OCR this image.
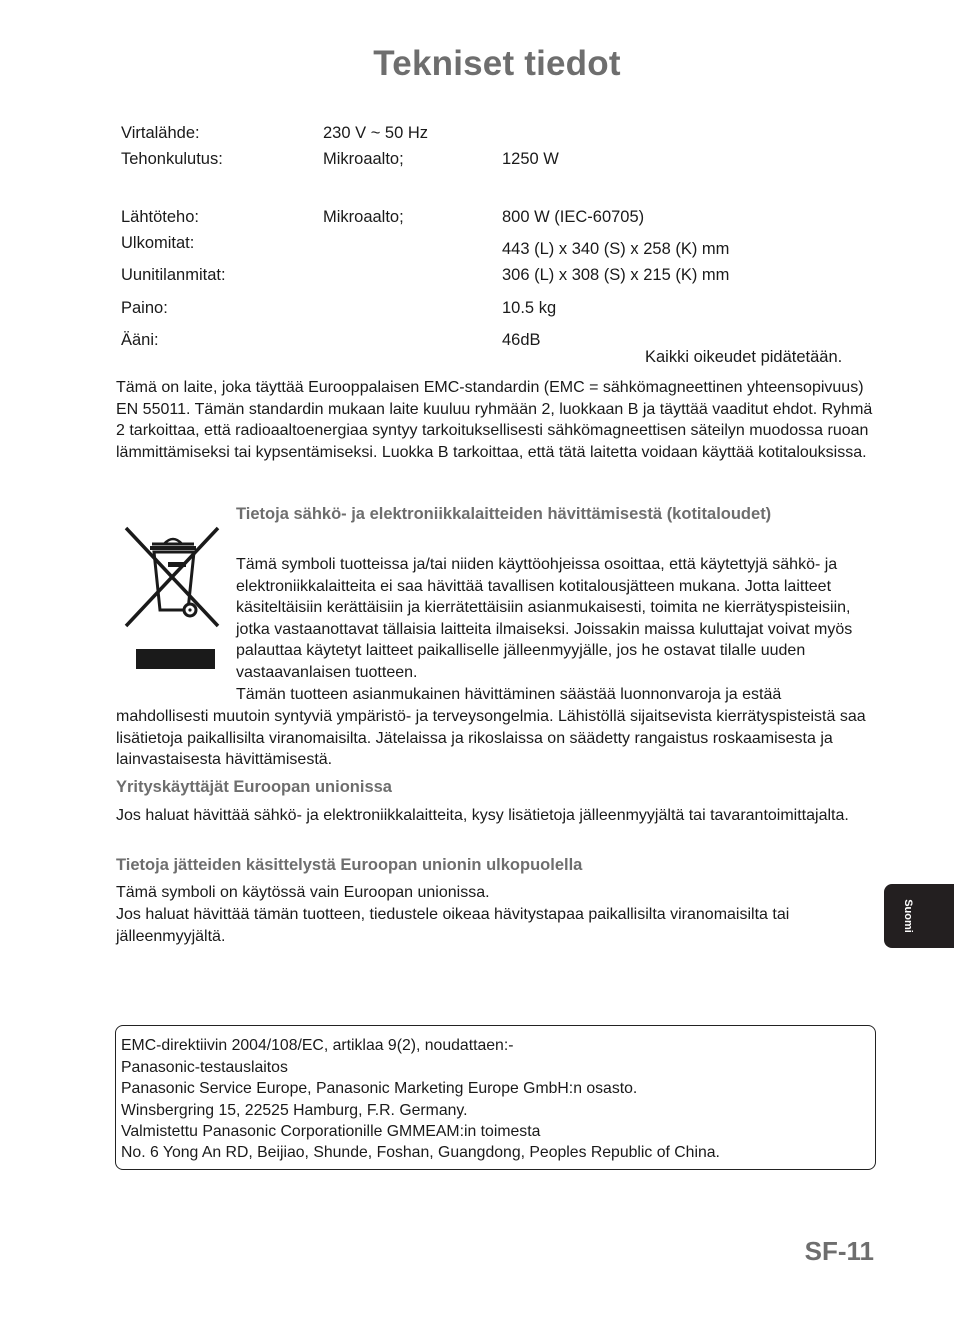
Tekniset tiedot
Virtalähde:	230 V ~ 50 Hz
Tehonkulutus:	Mikroaalto;	1250 W
Lähtöteho:	Mikroaalto;	800 W (IEC-60705)
Ulkomitat:	443 (L) x 340 (S) x 258 (K) mm
Uunitilanmitat:	306 (L) x 308 (S) x 215 (K) mm
Paino:	10.5 kg
Ääni:	46dB
Kaikki oikeudet pidätetään.
Tämä on laite, joka täyttää Eurooppalaisen EMC-standardin (EMC = sähkömagneettinen yhteensopivuus) EN 55011. Tämän standardin mukaan laite kuuluu ryhmään 2, luokkaan B ja täyttää vaaditut ehdot. Ryhmä 2 tarkoittaa, että radioaaltoenergiaa syntyy tarkoituksellisesti sähkömagneettisen säteilyn muodossa ruoan lämmittämiseksi tai kypsentämiseksi. Luokka B tarkoittaa, että tätä laitetta voidaan käyttää kotitalouksissa.
Tietoja sähkö- ja elektroniikkalaitteiden hävittämisestä (kotitaloudet)
Tämä symboli tuotteissa ja/tai niiden käyttöohjeissa osoittaa, että käytettyjä sähkö- ja elektroniikkalaitteita ei saa hävittää tavallisen kotitalousjätteen mukana. Jotta laitteet käsiteltäisiin kerättäisiin ja kierrätettäisiin asianmukaisesti, toimita ne kierrätyspisteisiin, jotka vastaanottavat tällaisia laitteita ilmaiseksi. Joissakin maissa kuluttajat voivat myös palauttaa käytetyt laitteet paikalliselle jälleenmyyjälle, jos he ostavat tilalle uuden vastaavanlaisen tuotteen.
Tämän tuotteen asianmukainen hävittäminen säästää luonnonvaroja ja estää
mahdollisesti muutoin syntyviä ympäristö- ja terveysongelmia. Lähistöllä sijaitsevista kierrätyspisteistä saa lisätietoja paikallisilta viranomaisilta. Jätelaissa ja rikoslaissa on säädetty rangaistus roskaamisesta ja lainvastaisesta hävittämisestä.
Yrityskäyttäjät Euroopan unionissa
Jos haluat hävittää sähkö- ja elektroniikkalaitteita, kysy lisätietoja jälleenmyyjältä tai tavarantoimittajalta.
Tietoja jätteiden käsittelystä Euroopan unionin ulkopuolella
Tämä symboli on käytössä vain Euroopan unionissa.
Jos haluat hävittää tämän tuotteen, tiedustele oikeaa hävitystapaa paikallisilta viranomaisilta tai jälleenmyyjältä.
EMC-direktiivin 2004/108/EC, artiklaa 9(2), noudattaen:-
Panasonic-testauslaitos
Panasonic Service Europe, Panasonic Marketing Europe GmbH:n osasto.
Winsbergring 15, 22525 Hamburg, F.R. Germany.
Valmistettu Panasonic Corporationille GMMEAM:in toimesta
No. 6 Yong An RD, Beijiao, Shunde, Foshan, Guangdong, Peoples Republic of China.
Suomi
SF-11
